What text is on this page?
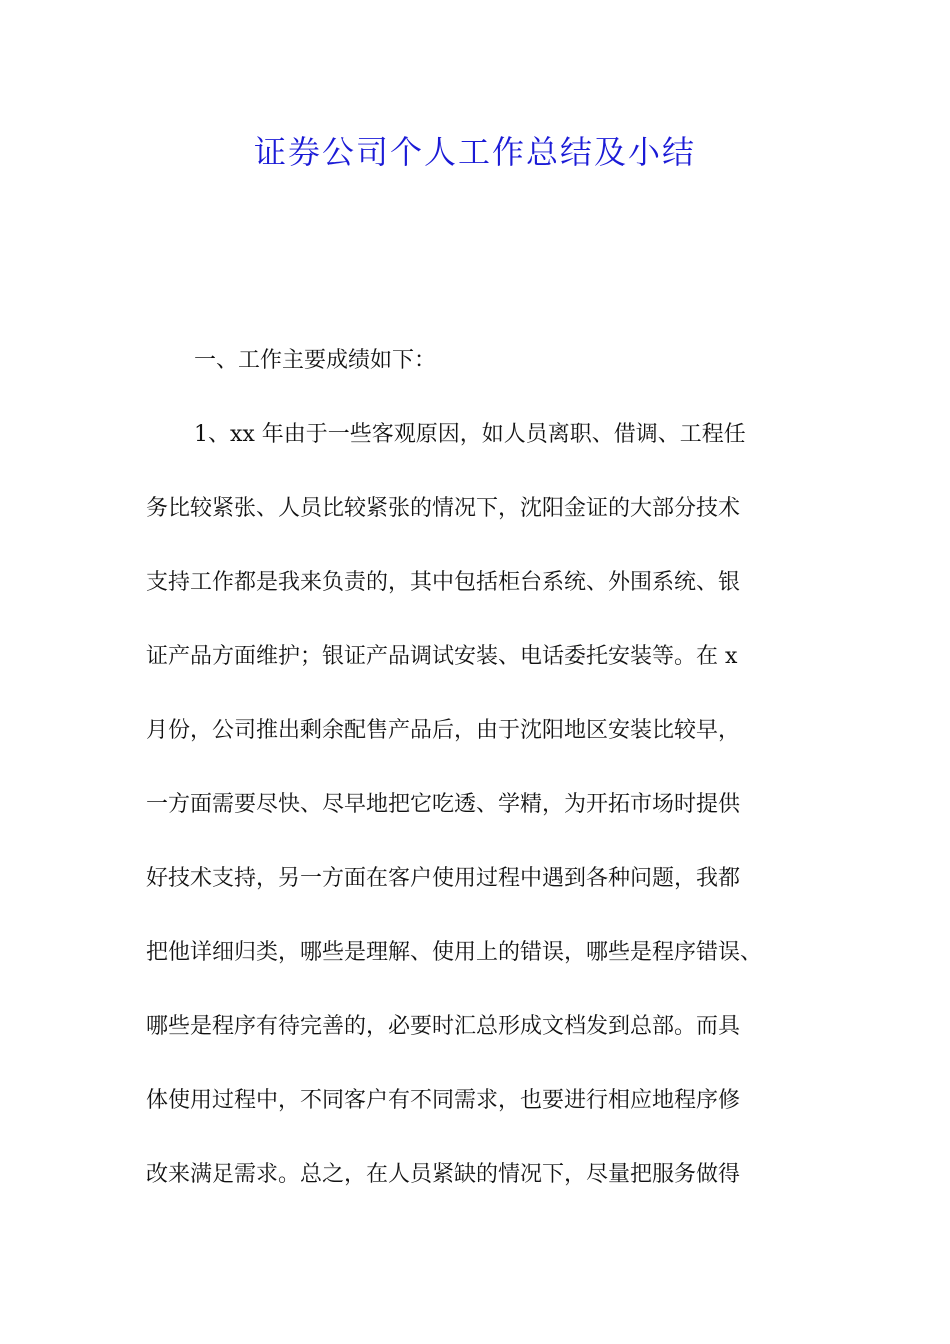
证券公司个人工作总结及小结
一、工作主要成绩如下：
1、xx 年由于一些客观原因，如人员离职、借调、工程任
务比较紧张、人员比较紧张的情况下，沈阳金证的大部分技术
支持工作都是我来负责的，其中包括柜台系统、外围系统、银
证产品方面维护；银证产品调试安装、电话委托安装等。在 x
月份，公司推出剩余配售产品后，由于沈阳地区安装比较早，
一方面需要尽快、尽早地把它吃透、学精，为开拓市场时提供
好技术支持，另一方面在客户使用过程中遇到各种问题，我都
把他详细归类，哪些是理解、使用上的错误，哪些是程序错误、
哪些是程序有待完善的，必要时汇总形成文档发到总部。而具
体使用过程中，不同客户有不同需求，也要进行相应地程序修
改来满足需求。总之，在人员紧缺的情况下，尽量把服务做得
